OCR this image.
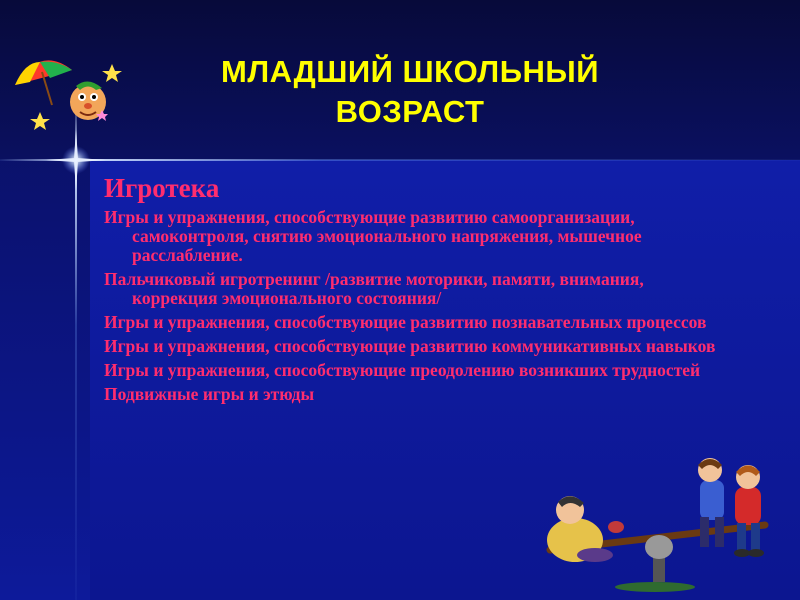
МЛАДШИЙ ШКОЛЬНЫЙ
ВОЗРАСТ
Игротека
Игры и упражнения, способствующие развитию самоорганизации, самоконтроля, снятию эмоционального напряжения, мышечное расслабление.
Пальчиковый игротренинг /развитие моторики, памяти, внимания, коррекция эмоционального состояния/
Игры и упражнения, способствующие развитию познавательных процессов
Игры и упражнения, способствующие развитию коммуникативных навыков
Игры и упражнения, способствующие преодолению возникших трудностей
Подвижные игры и этюды
